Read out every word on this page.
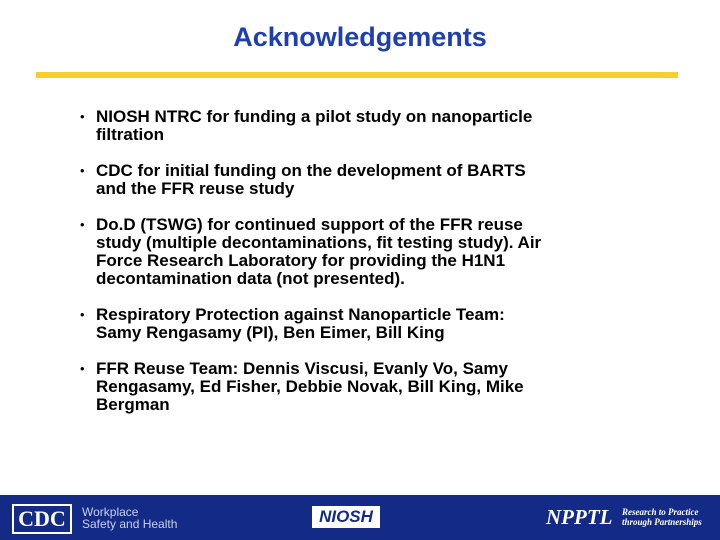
Acknowledgements
• NIOSH NTRC for funding a pilot study on nanoparticle
filtration
• CDC for initial funding on the development of BARTS
and the FFR reuse study
• Do.D (TSWG) for continued support of the FFR reuse
study (multiple decontaminations, fit testing study). Air
Force Research Laboratory for providing the H1N1
decontamination data (not presented).
• Respiratory Protection against Nanoparticle Team:
Samy Rengasamy (PI), Ben Eimer, Bill King
• FFR Reuse Team: Dennis Viscusi, Evanly Vo, Samy
Rengasamy, Ed Fisher, Debbie Novak, Bill King, Mike
Bergman
CDC	Workplace
Safety and Health	NIOSH	NPPTL Research to Practice
through Partnerships
